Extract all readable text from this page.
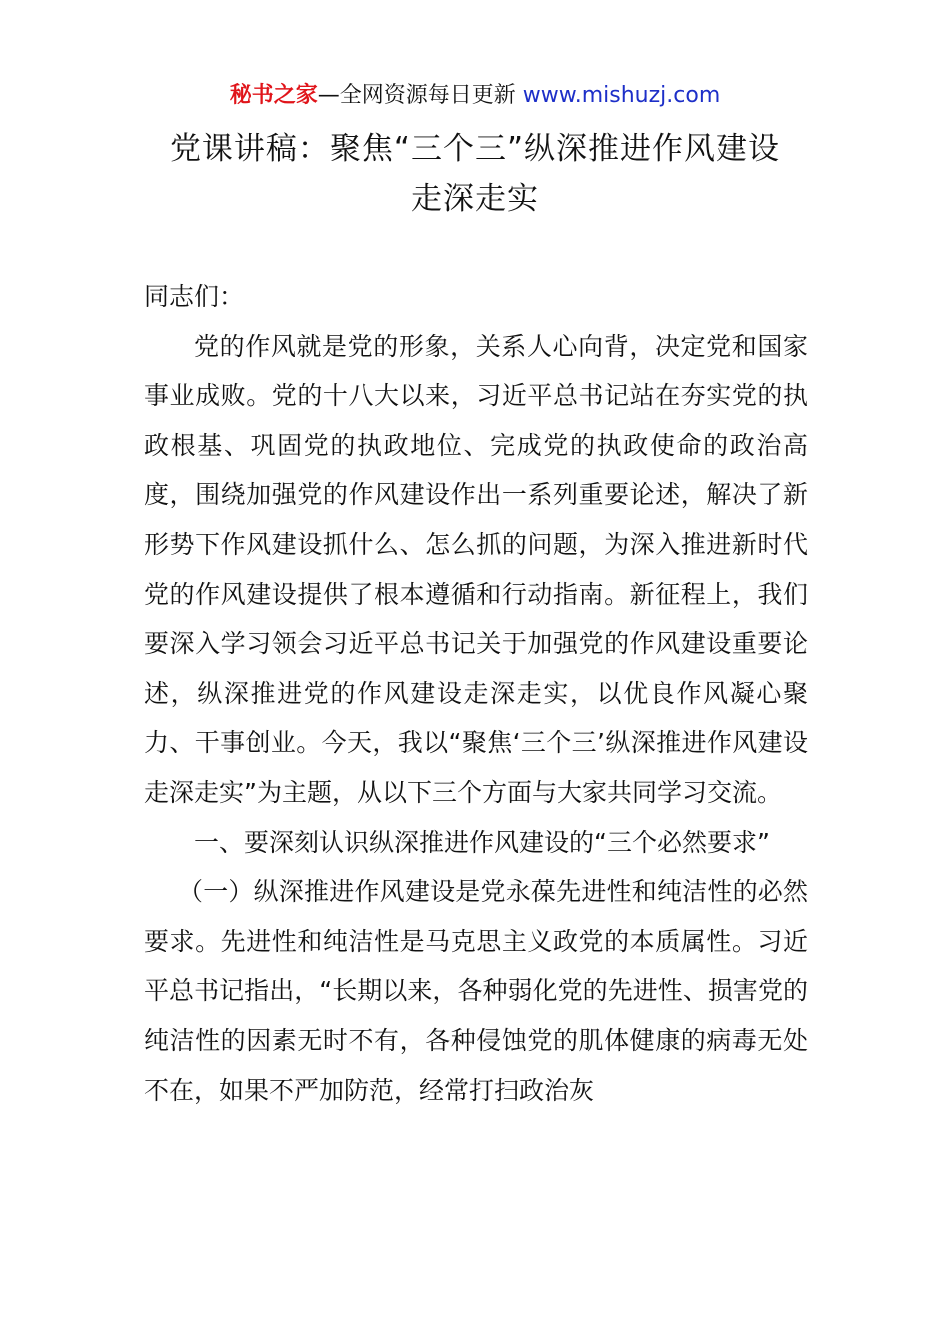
秘书之家—全网资源每日更新 www.mishuzj.com
党课讲稿：聚焦“三个三”纵深推进作风建设
走深走实

同志们：

党的作风就是党的形象，关系人心向背，决定党和国家事业成败。党的十八大以来，习近平总书记站在夯实党的执政根基、巩固党的执政地位、完成党的执政使命的政治高度，围绕加强党的作风建设作出一系列重要论述，解决了新形势下作风建设抓什么、怎么抓的问题，为深入推进新时代党的作风建设提供了根本遵循和行动指南。新征程上，我们要深入学习领会习近平总书记关于加强党的作风建设重要论述，纵深推进党的作风建设走深走实，以优良作风凝心聚力、干事创业。今天，我以“聚焦‘三个三’纵深推进作风建设走深走实”为主题，从以下三个方面与大家共同学习交流。

一、要深刻认识纵深推进作风建设的“三个必然要求”

（一）纵深推进作风建设是党永葆先进性和纯洁性的必然要求。先进性和纯洁性是马克思主义政党的本质属性。习近平总书记指出，“长期以来，各种弱化党的先进性、损害党的纯洁性的因素无时不有，各种侵蚀党的肌体健康的病毒无处不在，如果不严加防范，经常打扫政治灰
